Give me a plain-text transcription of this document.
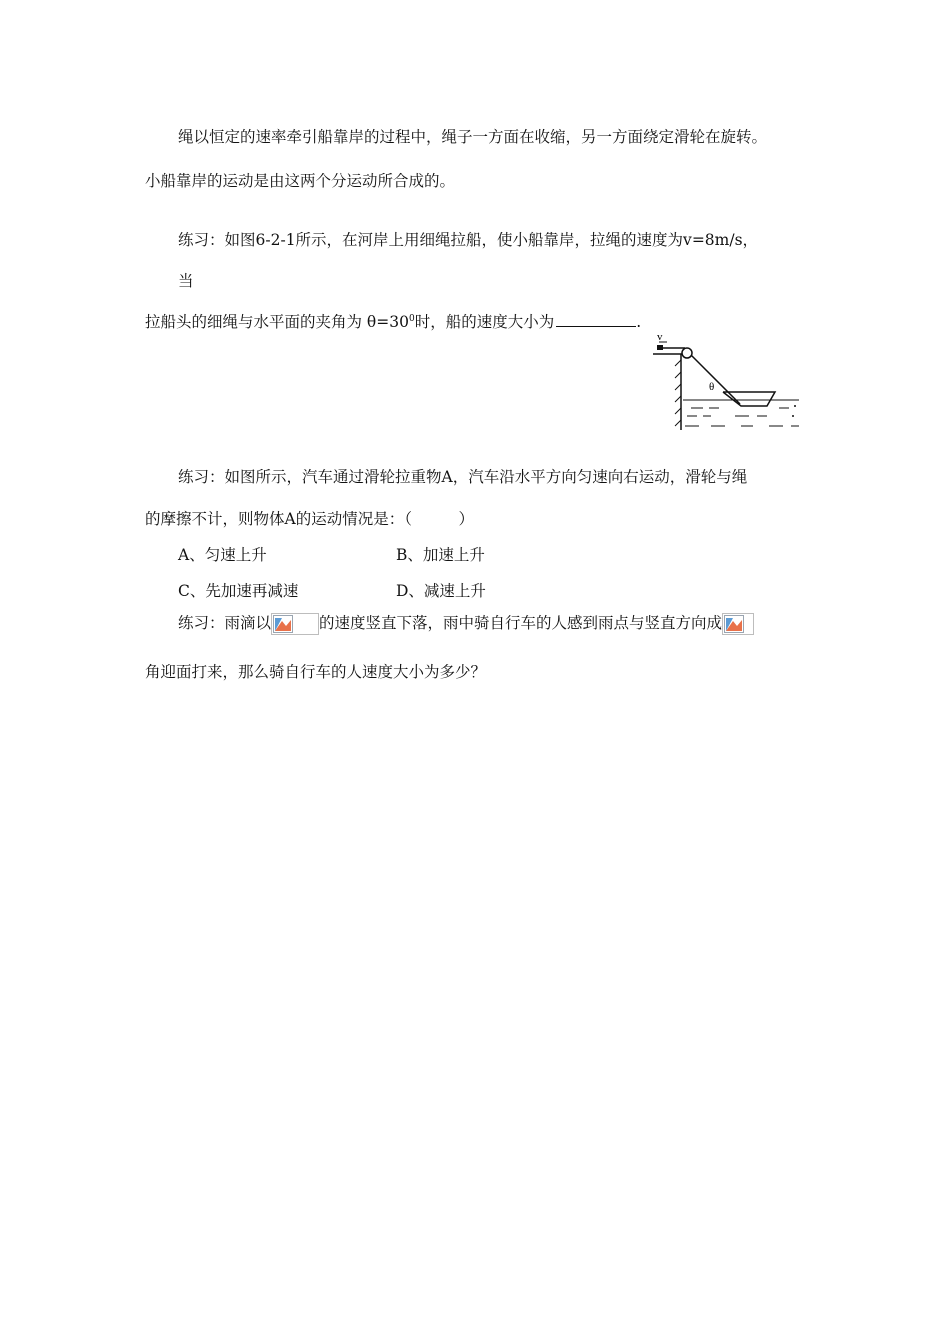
绳以恒定的速率牵引船靠岸的过程中，绳子一方面在收缩，另一方面绕定滑轮在旋转。
小船靠岸的运动是由这两个分运动所合成的。
练习：如图6-2-1所示，在河岸上用细绳拉船，使小船靠岸，拉绳的速度为v=8m/s，
当
拉船头的细绳与水平面的夹角为 $\theta=30^0$时，船的速度大小为	.
v
θ
练习：如图所示，汽车通过滑轮拉重物A，汽车沿水平方向匀速向右运动，滑轮与绳
的摩擦不计，则物体A的运动情况是：（　　　）
A、匀速上升	B、加速上升
C、先加速再减速	D、减速上升
练习：雨滴以	的速度竖直下落，雨中骑自行车的人感到雨点与竖直方向成
角迎面打来，那么骑自行车的人速度大小为多少？
